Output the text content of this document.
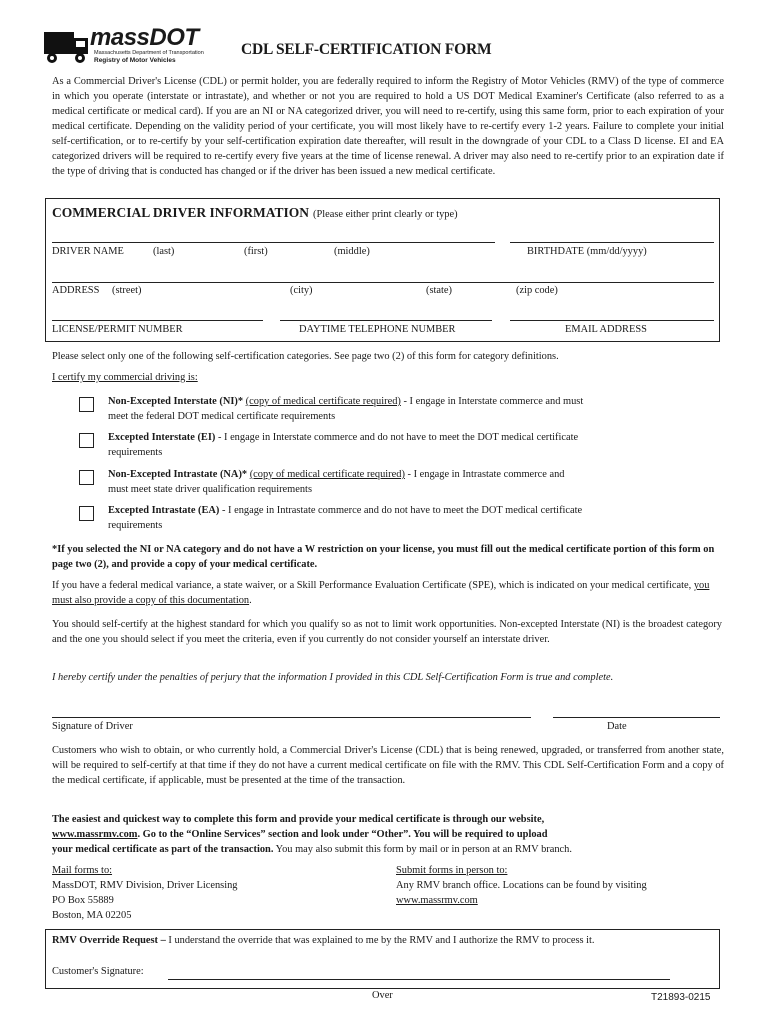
massDOT
Massachusetts Department of Transportation
Registry of Motor Vehicles
CDL SELF-CERTIFICATION FORM
As a Commercial Driver's License (CDL) or permit holder, you are federally required to inform the Registry of Motor Vehicles (RMV) of the type of commerce in which you operate (interstate or intrastate), and whether or not you are required to hold a US DOT Medical Examiner's Certificate (also referred to as a medical certificate or medical card). If you are an NI or NA categorized driver, you will need to re-certify, using this same form, prior to each expiration of your medical certificate. Depending on the validity period of your certificate, you will most likely have to re-certify every 1-2 years. Failure to complete your initial self-certification, or to re-certify by your self-certification expiration date thereafter, will result in the downgrade of your CDL to a Class D license. EI and EA categorized drivers will be required to re-certify every five years at the time of license renewal. A driver may also need to re-certify prior to an expiration date if the type of driving that is conducted has changed or if the driver has been issued a new medical certificate.
COMMERCIAL DRIVER INFORMATION (Please either print clearly or type)
DRIVER NAME	(last)	(first)	(middle)	BIRTHDATE (mm/dd/yyyy)
ADDRESS (street)	(city)	(state)	(zip code)
LICENSE/PERMIT NUMBER	DAYTIME TELEPHONE NUMBER	EMAIL ADDRESS
Please select only one of the following self-certification categories. See page two (2) of this form for category definitions.
I certify my commercial driving is:
Non-Excepted Interstate (NI)* (copy of medical certificate required) - I engage in Interstate commerce and must
meet the federal DOT medical certificate requirements
Excepted Interstate (EI) - I engage in Interstate commerce and do not have to meet the DOT medical certificate
requirements
Non-Excepted Intrastate (NA)* (copy of medical certificate required) - I engage in Intrastate commerce and
must meet state driver qualification requirements
Excepted Intrastate (EA) - I engage in Intrastate commerce and do not have to meet the DOT medical certificate
requirements
*If you selected the NI or NA category and do not have a W restriction on your license, you must fill out the medical certificate portion of this form on page two (2), and provide a copy of your medical certificate.
If you have a federal medical variance, a state waiver, or a Skill Performance Evaluation Certificate (SPE), which is indicated on your medical certificate, you must also provide a copy of this documentation.
You should self-certify at the highest standard for which you qualify so as not to limit work opportunities. Non-excepted Interstate (NI) is the broadest category and the one you should select if you meet the criteria, even if you currently do not consider yourself an interstate driver.
I hereby certify under the penalties of perjury that the information I provided in this CDL Self-Certification Form is true and complete.
Signature of Driver	Date
Customers who wish to obtain, or who currently hold, a Commercial Driver's License (CDL) that is being renewed, upgraded, or transferred from another state, will be required to self-certify at that time if they do not have a current medical certificate on file with the RMV. This CDL Self-Certification Form and a copy of the medical certificate, if applicable, must be presented at the time of the transaction.
The easiest and quickest way to complete this form and provide your medical certificate is through our website,
www.massrmv.com. Go to the “Online Services” section and look under “Other”. You will be required to upload
your medical certificate as part of the transaction. You may also submit this form by mail or in person at an RMV branch.
Mail forms to:
MassDOT, RMV Division, Driver Licensing
PO Box 55889
Boston, MA 02205
Submit forms in person to:
Any RMV branch office. Locations can be found by visiting
www.massrmv.com
RMV Override Request – I understand the override that was explained to me by the RMV and I authorize the RMV to process it.
Customer's Signature:
Over	T21893-0215
